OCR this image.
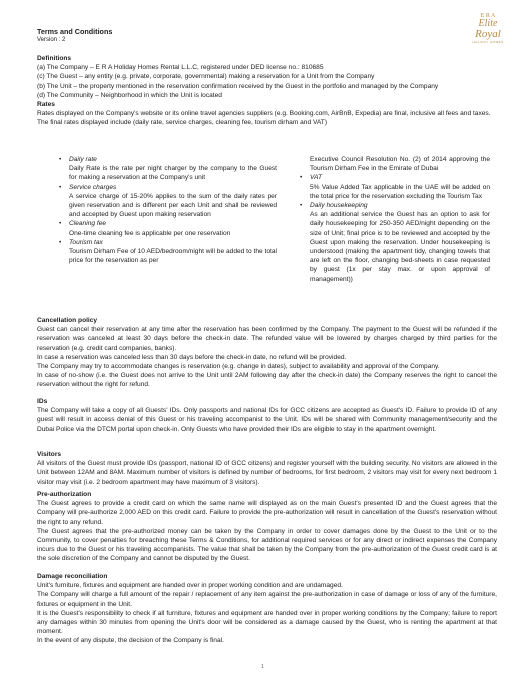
Terms and Conditions
Version : 2
E R A
Elite
Royal
HOLIDAY HOMES
Definitions
(a) The Company – E R A Holiday Homes Rental L.L.C, registered under DED license no.: 810685
(c) The Guest – any entity (e.g. private, corporate, governmental) making a reservation for a Unit from the Company
(b) The Unit – the property mentioned in the reservation confirmation received by the Guest in the portfolio and managed by the Company
(d) The Community – Neighborhood in which the Unit is located
Rates
Rates displayed on the Company's website or its online travel agencies suppliers (e.g. Booking.com, AirBnB, Expedia) are final, inclusive all fees and taxes.
The final rates displayed include (daily rate, service charges, cleaning fee, tourism dirham and VAT)
• Daily rate
Daily Rate is the rate per night charger by the company to the Guest for making a reservation at the Company's unit
• Service charges
A service charge of 15-20% applies to the sum of the daily rates per given reservation and is different per each Unit and shall be reviewed and accepted by Guest upon making reservation
• Cleaning fee
One-time cleaning fee is applicable per one reservation
• Tourism tax
Tourism Dirham Fee of 10 AED/bedroom/night will be added to the total price for the reservation as per
Executive Council Resolution No. (2) of 2014 approving the Tourism Dirham Fee in the Emirate of Dubai
• VAT
5% Value Added Tax applicable in the UAE will be added on the total price for the reservation excluding the Tourism Tax
• Daily housekeeping
As an additional service the Guest has an option to ask for daily housekeeping for 250-350 AED/night depending on the size of Unit; final price is to be reviewed and accepted by the Guest upon making the reservation. Under housekeeping is understood (making the apartment tidy, changing towels that are left on the floor, changing bed-sheets in case requested by guest (1x per stay max. or upon approval of management))
Cancellation policy
Guest can cancel their reservation at any time after the reservation has been confirmed by the Company. The payment to the Guest will be refunded if the reservation was canceled at least 30 days before the check-in date. The refunded value will be lowered by charges charged by third parties for the reservation (e.g. credit card companies, banks).
In case a reservation was canceled less than 30 days before the check-in date, no refund will be provided.
The Company may try to accommodate changes is reservation (e.g. change in dates), subject to availability and approval of the Company.
In case of no-show (i.e. the Guest does not arrive to the Unit until 2AM following day after the check-in date) the Company reserves the right to cancel the reservation without the right for refund.
IDs
The Company will take a copy of all Guests' IDs. Only passports and national IDs for GCC citizens are accepted as Guest's ID. Failure to provide ID of any guest will result in access denial of this Guest or his traveling accompanist to the Unit. IDs will be shared with Community management/security and the Dubai Police via the DTCM portal upon check-in. Only Guests who have provided their IDs are eligible to stay in the apartment overnight.
Visitors
All visitors of the Guest must provide IDs (passport, national ID of GCC citizens) and register yourself with the building security. No visitors are allowed in the Unit between 12AM and 8AM. Maximum number of visitors is defined by number of bedrooms, for first bedroom, 2 visitors may visit for every next bedroom 1 visitor may visit (i.e. 2 bedroom apartment may have maximum of 3 visitors).
Pre-authorization
The Guest agrees to provide a credit card on which the same name will displayed as on the main Guest's presented ID and the Guest agrees that the Company will pre-authorize 2,000 AED on this credit card. Failure to provide the pre-authorization will result in cancellation of the Guest's reservation without the right to any refund.
The Guest agrees that the pre-authorized money can be taken by the Company in order to cover damages done by the Guest to the Unit or to the Community, to cover penalties for breaching these Terms & Conditions, for additional required services or for any direct or indirect expenses the Company incurs due to the Guest or his traveling accompanists. The value that shall be taken by the Company from the pre-authorization of the Guest credit card is at the sole discretion of the Company and cannot be disputed by the Guest.
Damage reconciliation
Unit's furniture, fixtures and equipment are handed over in proper working condition and are undamaged.
The Company will charge a full amount of the repair / replacement of any item against the pre-authorization in case of damage or loss of any of the furniture, fixtures or equipment in the Unit.
It is the Guest's responsibility to check if all furniture, fixtures and equipment are handed over in proper working conditions by the Company; failure to report any damages within 30 minutes from opening the Unit's door will be considered as a damage caused by the Guest, who is renting the apartment at that moment.
In the event of any dispute, the decision of the Company is final.
1
